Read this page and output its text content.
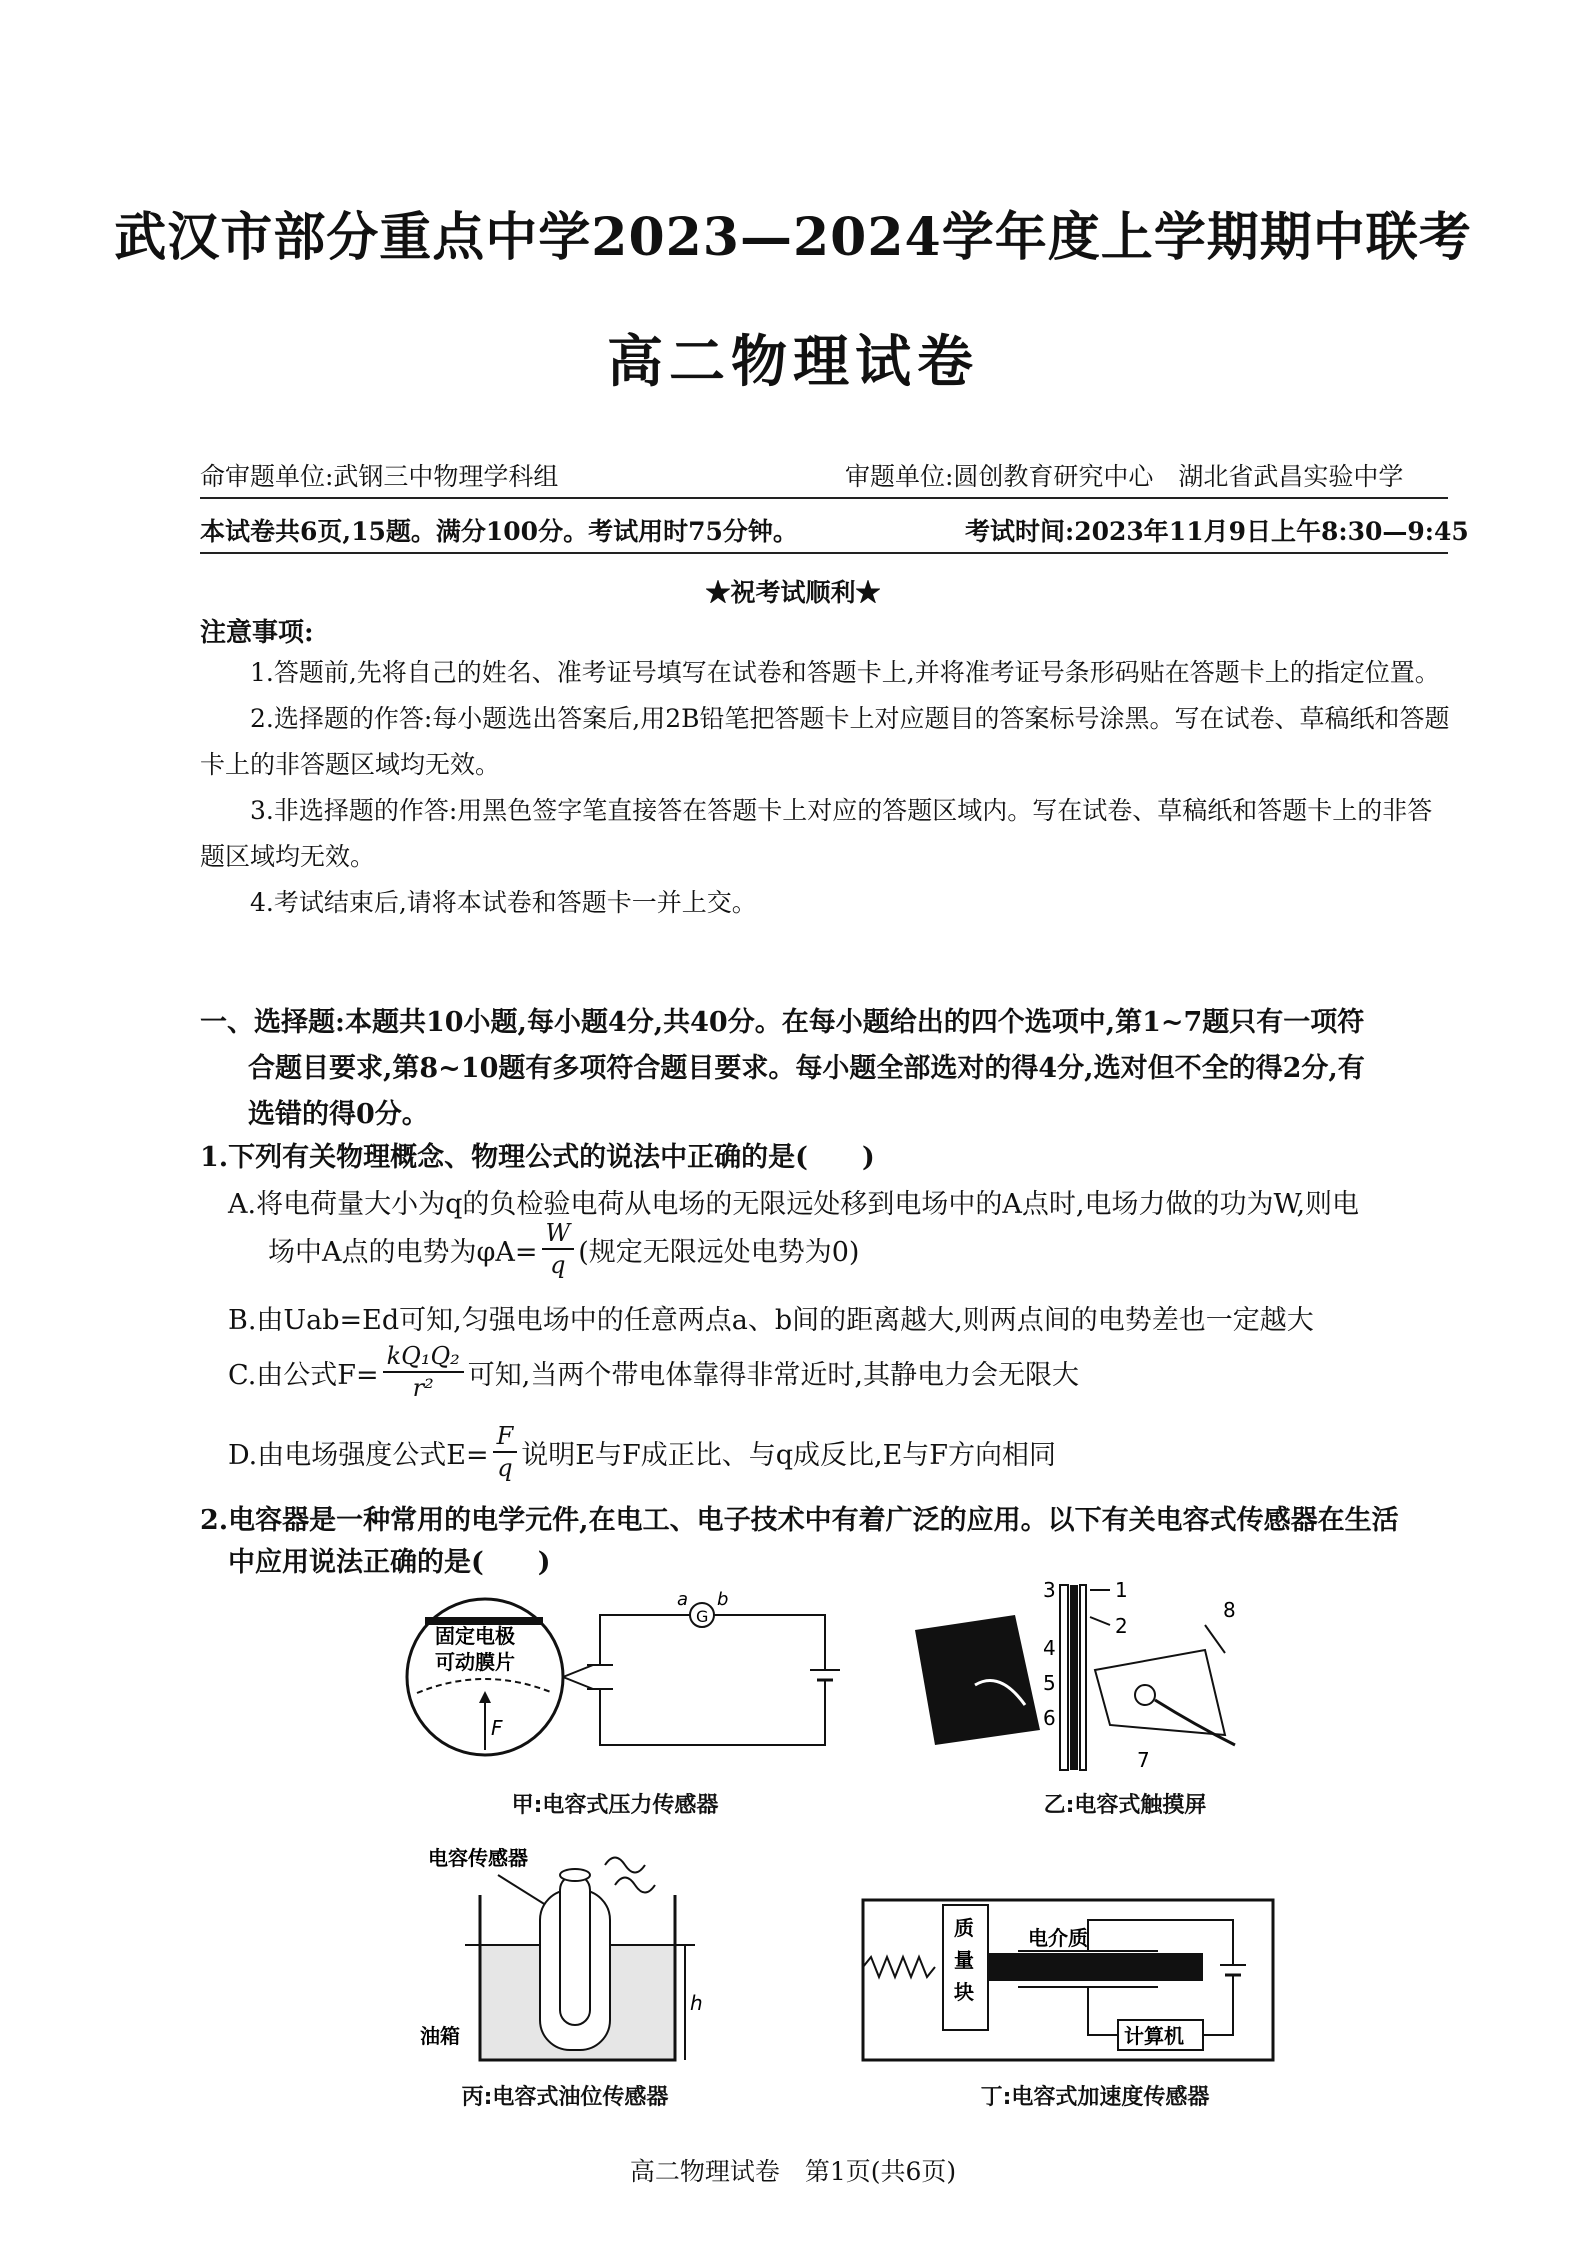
武汉市部分重点中学2023—2024学年度上学期期中联考
高二物理试卷
命审题单位:武钢三中物理学科组	审题单位:圆创教育研究中心　湖北省武昌实验中学
本试卷共6页,15题。满分100分。考试用时75分钟。	考试时间:2023年11月9日上午8:30—9:45
★祝考试顺利★
注意事项:
1.答题前,先将自己的姓名、准考证号填写在试卷和答题卡上,并将准考证号条形码贴在答题卡上的指定位置。
2.选择题的作答:每小题选出答案后,用2B铅笔把答题卡上对应题目的答案标号涂黑。写在试卷、草稿纸和答题卡上的非答题区域均无效。
3.非选择题的作答:用黑色签字笔直接答在答题卡上对应的答题区域内。写在试卷、草稿纸和答题卡上的非答题区域均无效。
4.考试结束后,请将本试卷和答题卡一并上交。
一、选择题:本题共10小题,每小题4分,共40分。在每小题给出的四个选项中,第1~7题只有一项符
合题目要求,第8~10题有多项符合题目要求。每小题全部选对的得4分,选对但不全的得2分,有
选错的得0分。
1.下列有关物理概念、物理公式的说法中正确的是(　　)
A.将电荷量大小为q的负检验电荷从电场的无限远处移到电场中的A点时,电场力做的功为W,则电
场中A点的电势为$\varphi A= \frac{W}{q}$ (规定无限远处电势为0)
B.由Uab=Ed可知,匀强电场中的任意两点a、b间的距离越大,则两点间的电势差也一定越大
C.由公式$F= \frac{\text{kQ₁Q₂}}{\text{r²}}$ 可知,当两个带电体靠得非常近时,其静电力会无限大
D.由电场强度公式$E= \frac{F}{q}$ 说明E与F成正比、与q成反比,E与F方向相同
2.电容器是一种常用的电学元件,在电工、电子技术中有着广泛的应用。以下有关电容式传感器在生活
中应用说法正确的是(　　)
固定电极
可动膜片
F
G
a b
甲:电容式压力传感器
3
4
5
6
1
2
7
8
乙:电容式触摸屏
电容传感器
h
油箱
丙:电容式油位传感器
质
量
块
电介质
计算机
丁:电容式加速度传感器
高二物理试卷　第1页(共6页)
